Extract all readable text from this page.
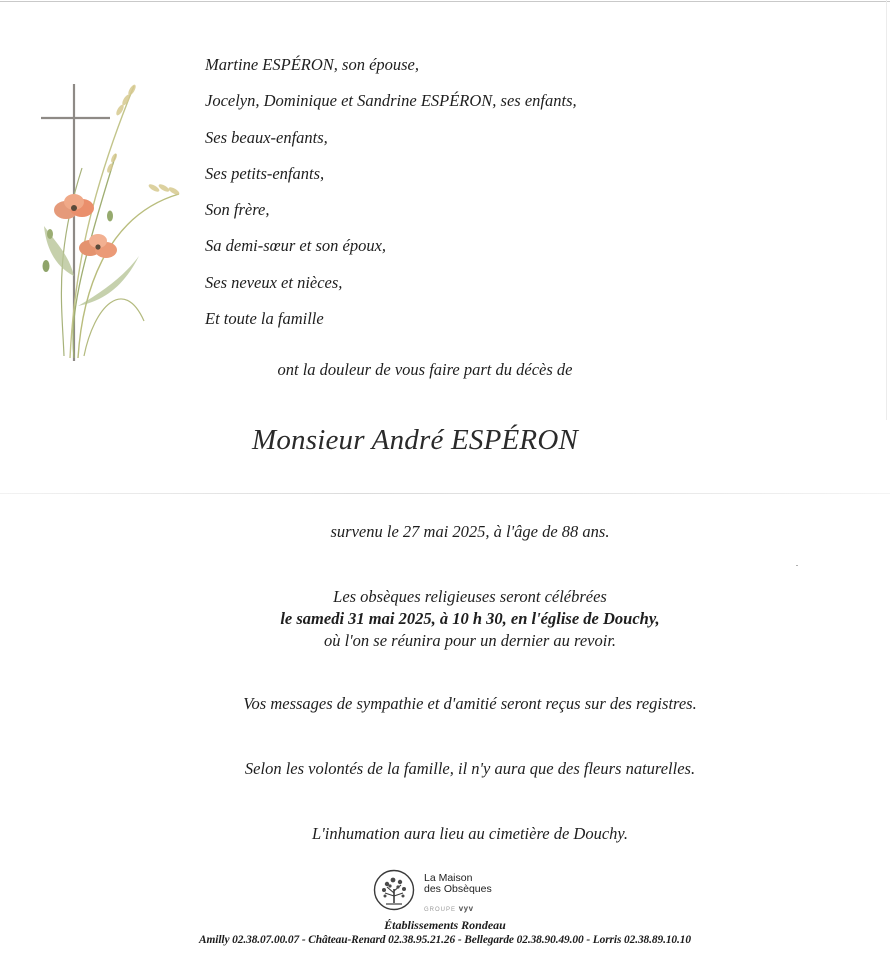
Martine ESPÉRON, son épouse,
Jocelyn, Dominique et Sandrine ESPÉRON, ses enfants,
Ses beaux-enfants,
Ses petits-enfants,
Son frère,
Sa demi-sœur et son époux,
Ses neveux et nièces,
Et toute la famille
ont la douleur de vous faire part du décès de
Monsieur André ESPÉRON
survenu le 27 mai 2025, à l'âge de 88 ans.
Les obsèques religieuses seront célébrées
le samedi 31 mai 2025, à 10 h 30, en l'église de Douchy,
où l'on se réunira pour un dernier au revoir.
Vos messages de sympathie et d'amitié seront reçus sur des registres.
Selon les volontés de la famille, il n'y aura que des fleurs naturelles.
L'inhumation aura lieu au cimetière de Douchy.
La Maison
des Obsèques
GROUPE vyv
Établissements Rondeau
Amilly 02.38.07.00.07 - Château-Renard 02.38.95.21.26 - Bellegarde 02.38.90.49.00 - Lorris 02.38.89.10.10
